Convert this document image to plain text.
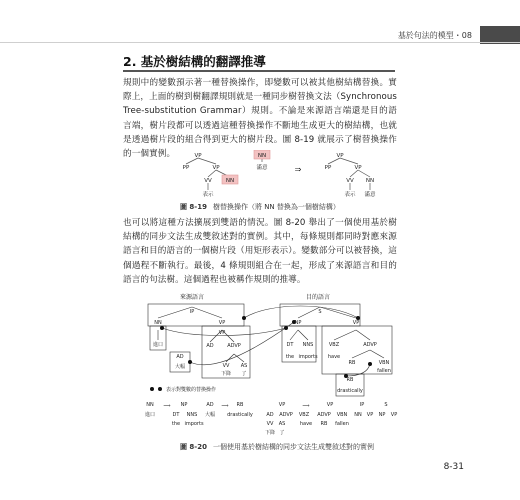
基於句法的模型・08
2. 基於樹結構的翻譯推導
規則中的變數預示著一種替換操作，即變數可以被其他樹結構替換。實際上，上面的樹到樹翻譯規則就是一種同步樹替換文法（Synchronous Tree-substitution Grammar）規則。不論是來源語言端還是目的語言端，樹片段都可以透過這種替換操作不斷地生成更大的樹結構，也就是透過樹片段的組合得到更大的樹片段。圖 8-19 就展示了樹替換操作的一個實例。	VP
PP	VP
VV	NN
表示
NN
滿意	⇒
VP
PP	VP
VV NN
表示 滿意
圖 8-19 樹替換操作（將 NN 替換為一個樹結構）
也可以將這種方法擴展到雙語的情況。圖 8-20 舉出了一個使用基於樹結構的同步文法生成雙敘述對的實例。其中，每條規則都同時對應來源語言和目的語言的一個樹片段（用矩形表示）。變數部分可以被替換，這個過程不斷執行。最後，4 條規則組合在一起，形成了來源語言和目的語言的句法樹。這個過程也被稱作規則的推導。
來源語言	目的語言
IP
NN	VP
進口
AD
大幅
VP
AD	ADVP
VV AS
下降 了
S
NP	VP
DT NNS
the imports
VBZ	ADVP
have
RB	VBN
fallen
RB
drastically
表示對雙數的替換操作
NN	NP	AD	RB	VP	VP	IP	S
⟹	⟹	⟹
進口	DT NNS 大幅 drastically	AD ADVP VBZ ADVP VBN NN VP NP VP
the imports	VV AS	have RB fallen
下降 了
圖 8-20 一個使用基於樹結構的同步文法生成雙敘述對的實例
8-31
